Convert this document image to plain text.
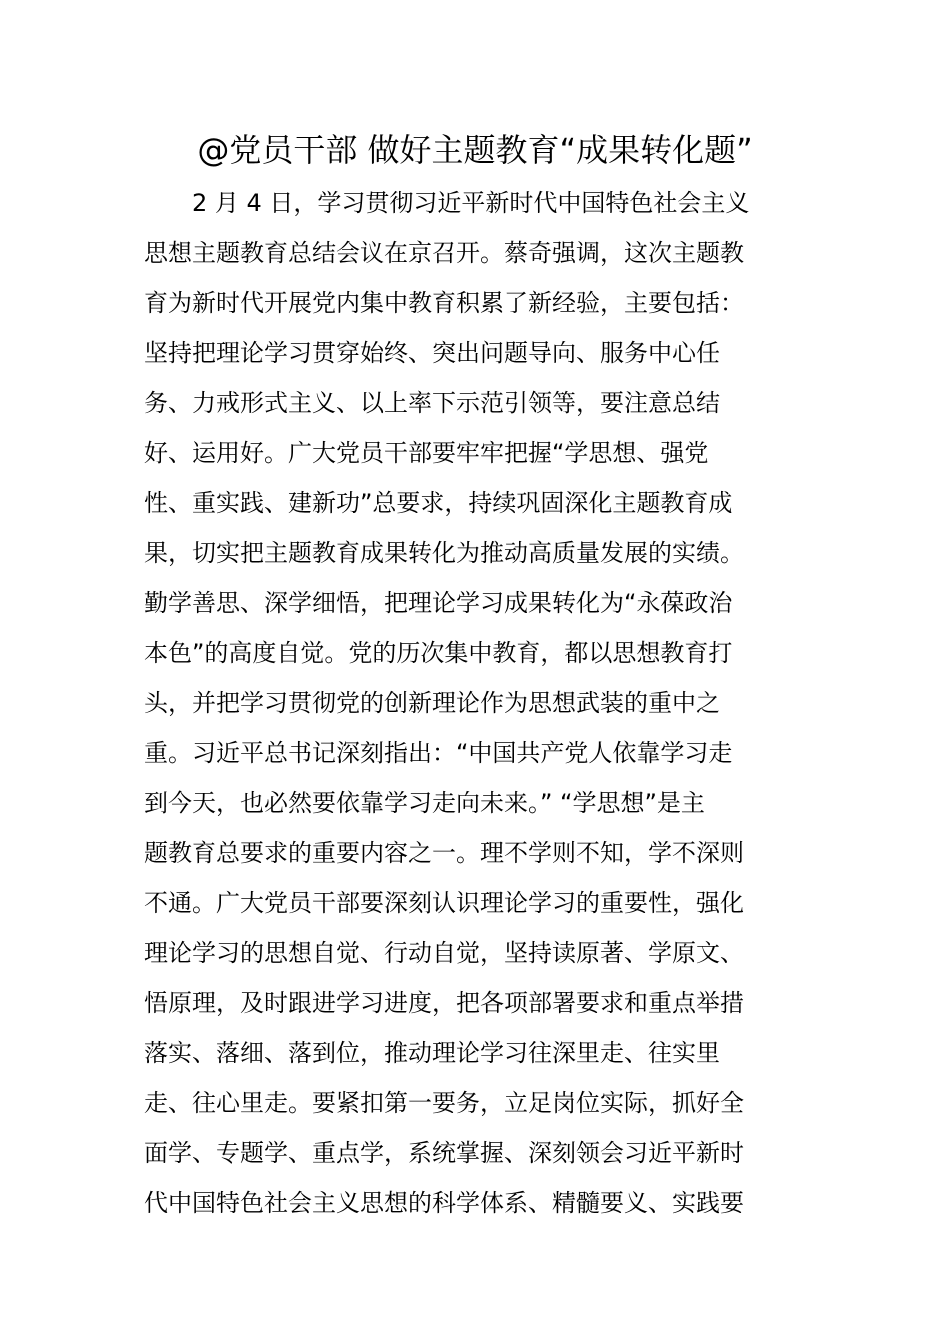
@党员干部 做好主题教育“成果转化题”
　　2 月 4 日，学习贯彻习近平新时代中国特色社会主义
思想主题教育总结会议在京召开。蔡奇强调，这次主题教
育为新时代开展党内集中教育积累了新经验，主要包括：
坚持把理论学习贯穿始终、突出问题导向、服务中心任
务、力戒形式主义、以上率下示范引领等，要注意总结
好、运用好。广大党员干部要牢牢把握“学思想、强党
性、重实践、建新功”总要求，持续巩固深化主题教育成
果，切实把主题教育成果转化为推动高质量发展的实绩。
勤学善思、深学细悟，把理论学习成果转化为“永葆政治
本色”的高度自觉。党的历次集中教育，都以思想教育打
头，并把学习贯彻党的创新理论作为思想武装的重中之
重。习近平总书记深刻指出：“中国共产党人依靠学习走
到今天，也必然要依靠学习走向未来。” “学思想”是主
题教育总要求的重要内容之一。理不学则不知，学不深则
不通。广大党员干部要深刻认识理论学习的重要性，强化
理论学习的思想自觉、行动自觉，坚持读原著、学原文、
悟原理，及时跟进学习进度，把各项部署要求和重点举措
落实、落细、落到位，推动理论学习往深里走、往实里
走、往心里走。要紧扣第一要务，立足岗位实际，抓好全
面学、专题学、重点学，系统掌握、深刻领会习近平新时
代中国特色社会主义思想的科学体系、精髓要义、实践要
